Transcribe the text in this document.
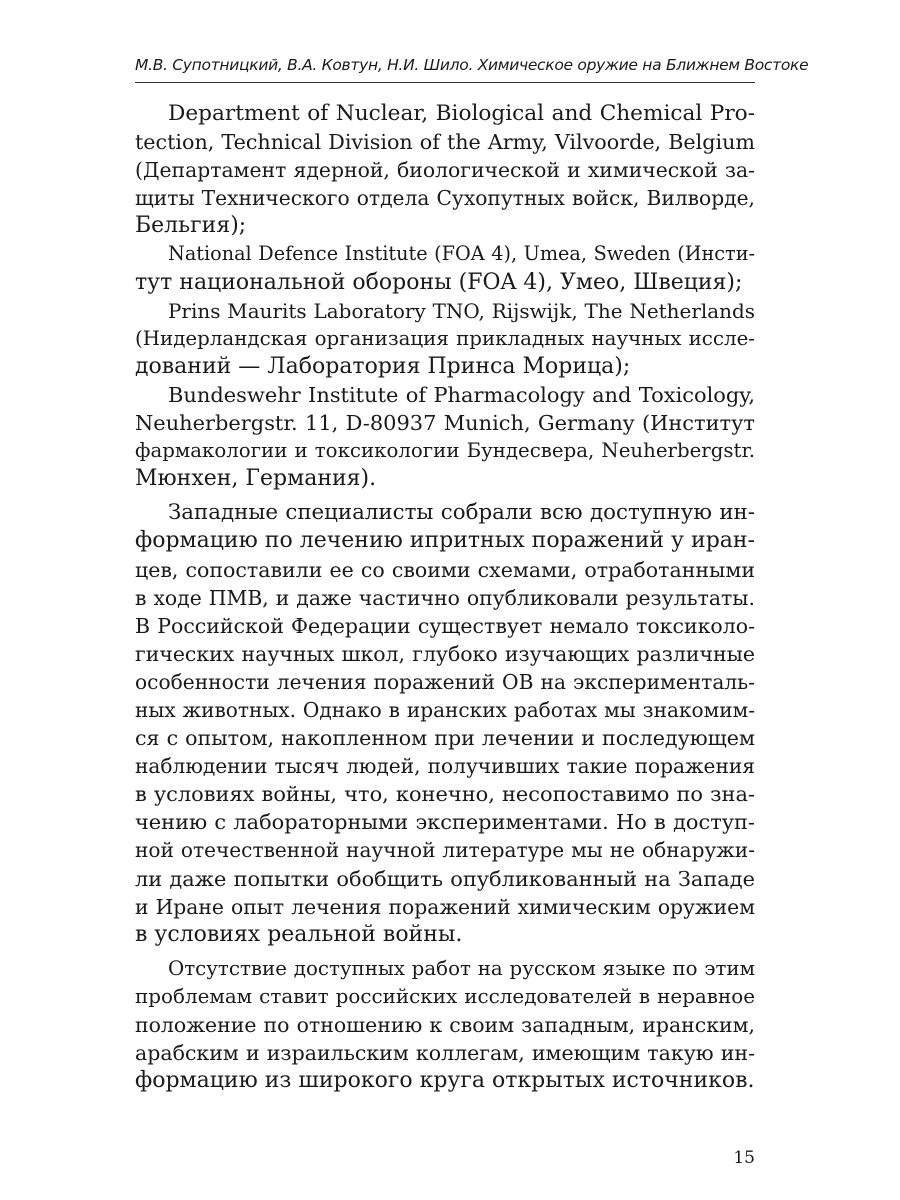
М.В. Супотницкий, В.А. Ковтун, Н.И. Шило. Химическое оружие на Ближнем Востоке
Department of Nuclear, Biological and Chemical Pro-
tection, Technical Division of the Army, Vilvoorde, Belgium
(Департамент ядерной, биологической и химической за-
щиты Технического отдела Сухопутных войск, Вилворде,
Бельгия);
National Defence Institute (FOA 4), Umea, Sweden (Инсти-
тут национальной обороны (FOA 4), Умео, Швеция);
Prins Maurits Laboratory TNO, Rijswijk, The Netherlands
(Нидерландская организация прикладных научных иссле-
дований — Лаборатория Принса Морица);
Bundeswehr Institute of Pharmacology and Toxicology,
Neuherbergstr. 11, D-80937 Munich, Germany (Институт
фармакологии и токсикологии Бундесвера, Neuherbergstr.
Мюнхен, Германия).
Западные специалисты собрали всю доступную ин-
формацию по лечению ипритных поражений у иран-
цев, сопоставили ее со своими схемами, отработанными
в ходе ПМВ, и даже частично опубликовали результаты.
В Российской Федерации существует немало токсиколо-
гических научных школ, глубоко изучающих различные
особенности лечения поражений ОВ на эксперименталь-
ных животных. Однако в иранских работах мы знакомим-
ся с опытом, накопленном при лечении и последующем
наблюдении тысяч людей, получивших такие поражения
в условиях войны, что, конечно, несопоставимо по зна-
чению с лабораторными экспериментами. Но в доступ-
ной отечественной научной литературе мы не обнаружи-
ли даже попытки обобщить опубликованный на Западе
и Иране опыт лечения поражений химическим оружием
в условиях реальной войны.
Отсутствие доступных работ на русском языке по этим
проблемам ставит российских исследователей в неравное
положение по отношению к своим западным, иранским,
арабским и израильским коллегам, имеющим такую ин-
формацию из широкого круга открытых источников.
15
